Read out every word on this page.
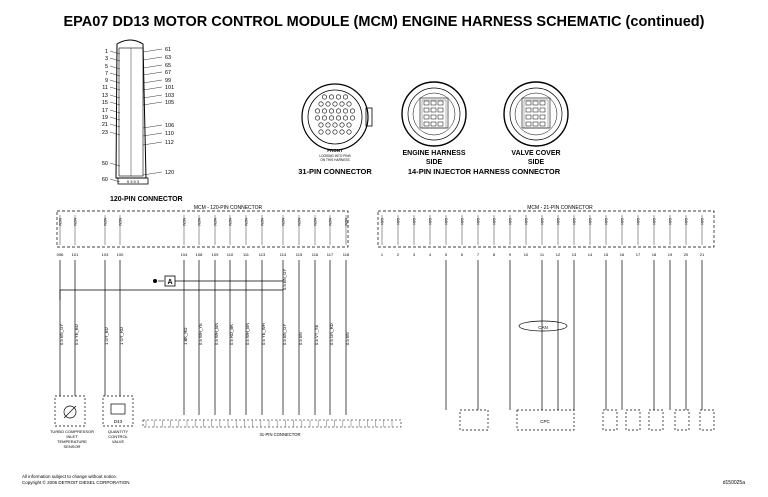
EPA07 DD13 MOTOR CONTROL MODULE (MCM) ENGINE HARNESS SCHEMATIC (continued)
1
3
5
7
9
11
13
15
17
19
21
23
50
60
61
63
65
67
99
101
103
105
106
110
112
120
5 3 5 3
120-PIN CONNECTOR
FRONT
LOOKING INTO PINS
ON THIS HARNESS
31-PIN CONNECTOR
ENGINE HARNESS
SIDE
VALVE COVER
SIDE
14-PIN INJECTOR HARNESS CONNECTOR
MCM - 120-PIN CONNECTOR	MCM - 21-PIN CONNECTOR
096 101	103 100	104 108 109 110 111 113	114 115 116 117 118
MCM
0.5 BN_GY
MCM
0.5 YE_BU
MCM
1 GY_BU
MCM
1 GY_RD
MCM
1 BK_RD
MCM
0.5 WH_YE
MCM
0.5 WH_BN
MCM
0.5 RD_BK
MCM
0.5 WH_BN
MCM
0.5 YE_WH
MCM
0.5 BN_GY
MCM
0.5 BN
MCM
0.5 VT_YE
MCM
0.5 GN_RD
MCM
0.5 BN
A	0.5 BN_GY
CAN	CAN	CAN	CAN	CAN	CAN	CAN	CAN	CAN	CAN	CAN	CAN	CAN	CAN	CAN	CAN	CAN	CAN	CAN	CAN	CAN
1	2	3	4	5	6	7	8	9	10	11	12	13	14	15	16	17	18	19	20	21
CAN
TURBO COMPRESSOR
INLET
TEMPERATURE
SENSOR
D43
QUANTITY
CONTROL
VALVE
31-PIN CONNECTOR
CPC
All information subject to change without notice.
Copyright © 2006 DETROIT DIESEL CORPORATION	d150025a
